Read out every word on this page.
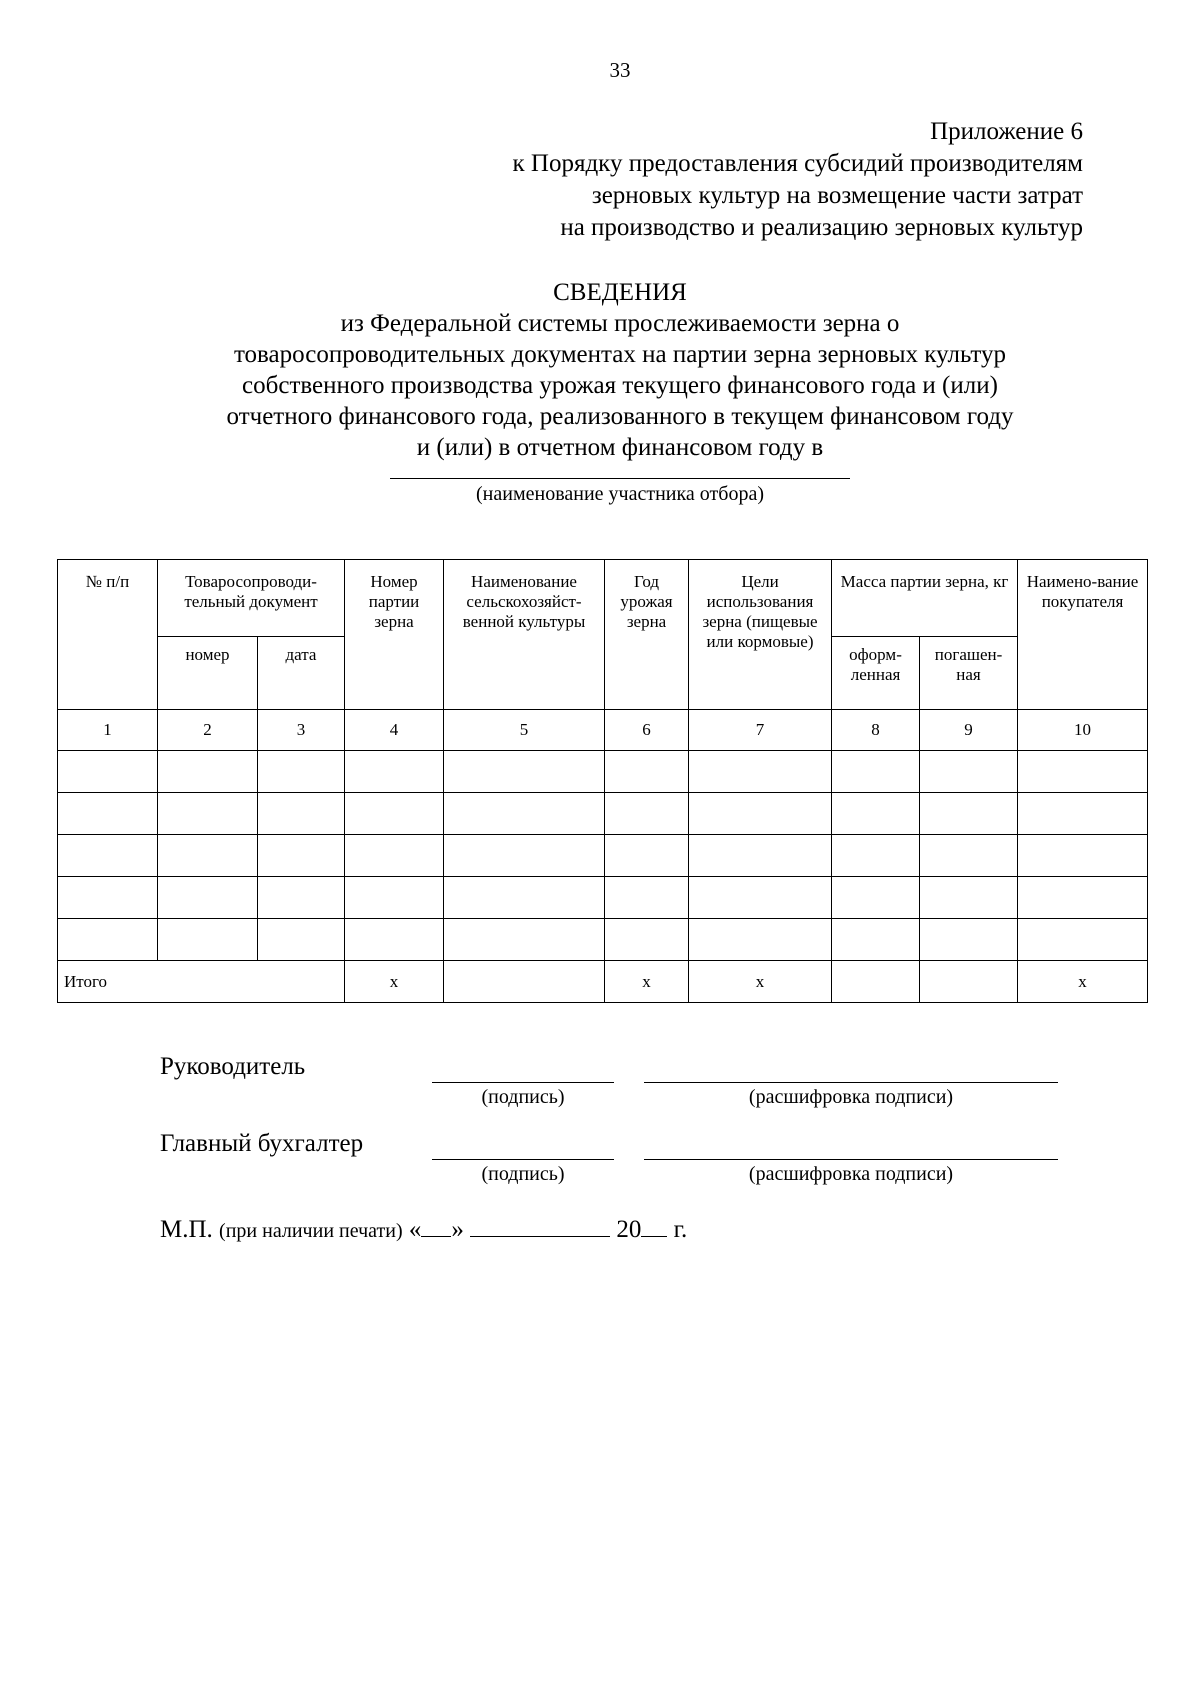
33
Приложение 6
к Порядку предоставления субсидий производителям
зерновых культур на возмещение части затрат
на производство и реализацию зерновых культур
СВЕДЕНИЯ
из Федеральной системы прослеживаемости зерна о
товаросопроводительных документах на партии зерна зерновых культур
собственного производства урожая текущего финансового года и (или)
отчетного финансового года, реализованного в текущем финансовом году
и (или) в отчетном финансовом году в
(наименование участника отбора)
№ п/п	Товаросопроводи-тельный документ		Номер партии зерна	Наименование сельскохозяйст-венной культуры	Год урожая зерна	Цели использования зерна (пищевые или кормовые)	Масса партии зерна, кг		Наимено-вание покупателя
	номер	дата					оформ-ленная	погашен-ная	
1	2	3	4	5	6	7	8	9	10

Итого			х		х	х			х
Руководитель
(подпись)	(расшифровка подписи)
Главный бухгалтер
(подпись)	(расшифровка подписи)
М.П. (при наличии печати) « »	20 г.
